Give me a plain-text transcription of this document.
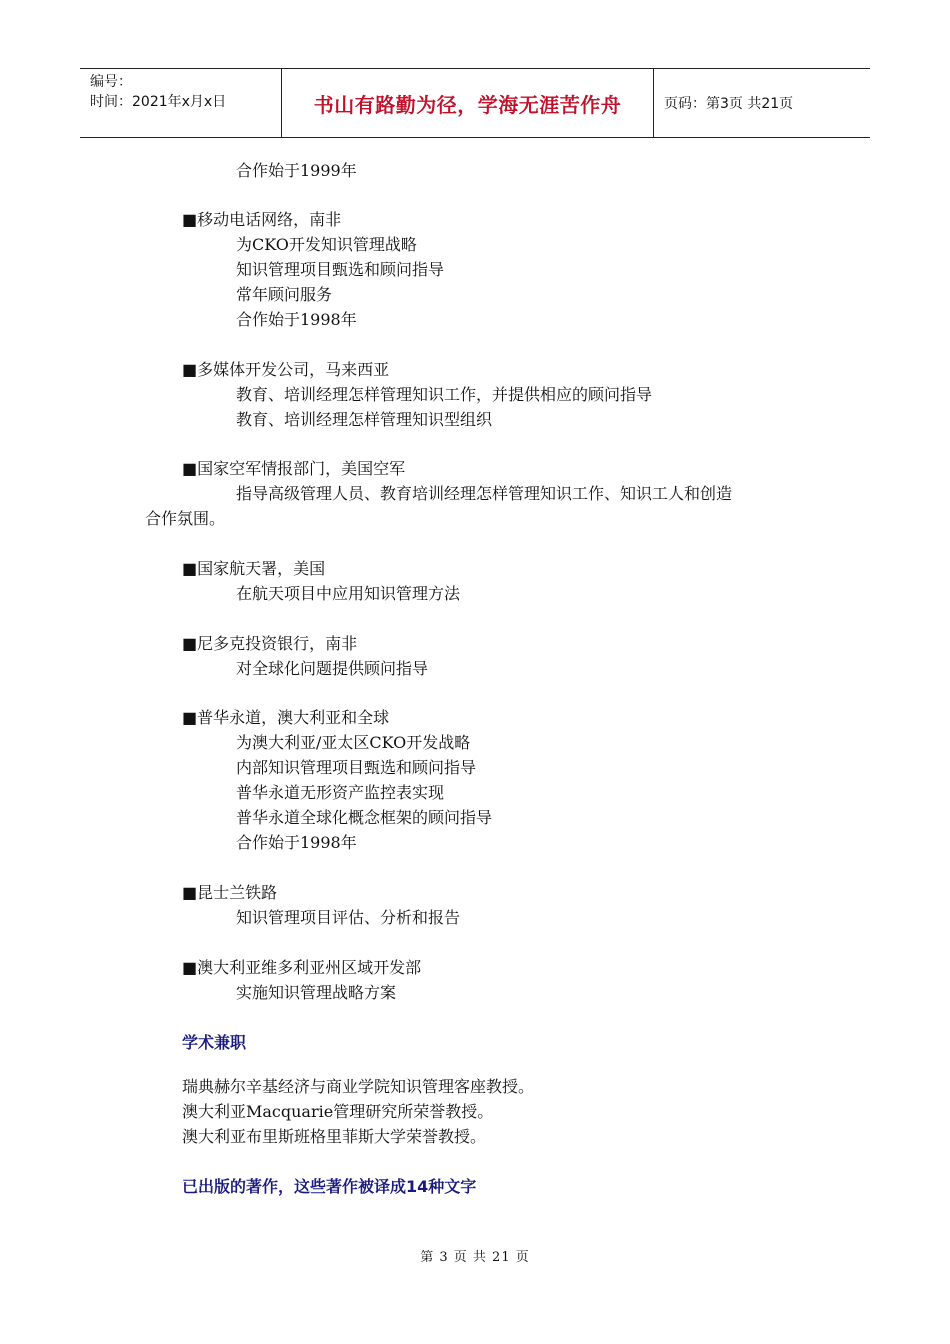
编号：
时间：2021年x月x日	书山有路勤为径，学海无涯苦作舟	页码：第3页 共21页
合作始于1999年
■移动电话网络，南非
为CKO开发知识管理战略
知识管理项目甄选和顾问指导
常年顾问服务
合作始于1998年
■多媒体开发公司，马来西亚
教育、培训经理怎样管理知识工作，并提供相应的顾问指导
教育、培训经理怎样管理知识型组织
■国家空军情报部门，美国空军
指导高级管理人员、教育培训经理怎样管理知识工作、知识工人和创造
合作氛围。
■国家航天署，美国
在航天项目中应用知识管理方法
■尼多克投资银行，南非
对全球化问题提供顾问指导
■普华永道，澳大利亚和全球
为澳大利亚/亚太区CKO开发战略
内部知识管理项目甄选和顾问指导
普华永道无形资产监控表实现
普华永道全球化概念框架的顾问指导
合作始于1998年
■昆士兰铁路
知识管理项目评估、分析和报告
■澳大利亚维多利亚州区域开发部
实施知识管理战略方案
学术兼职
瑞典赫尔辛基经济与商业学院知识管理客座教授。
澳大利亚Macquarie管理研究所荣誉教授。
澳大利亚布里斯班格里菲斯大学荣誉教授。
已出版的著作，这些著作被译成14种文字
第 3 页 共 21 页
